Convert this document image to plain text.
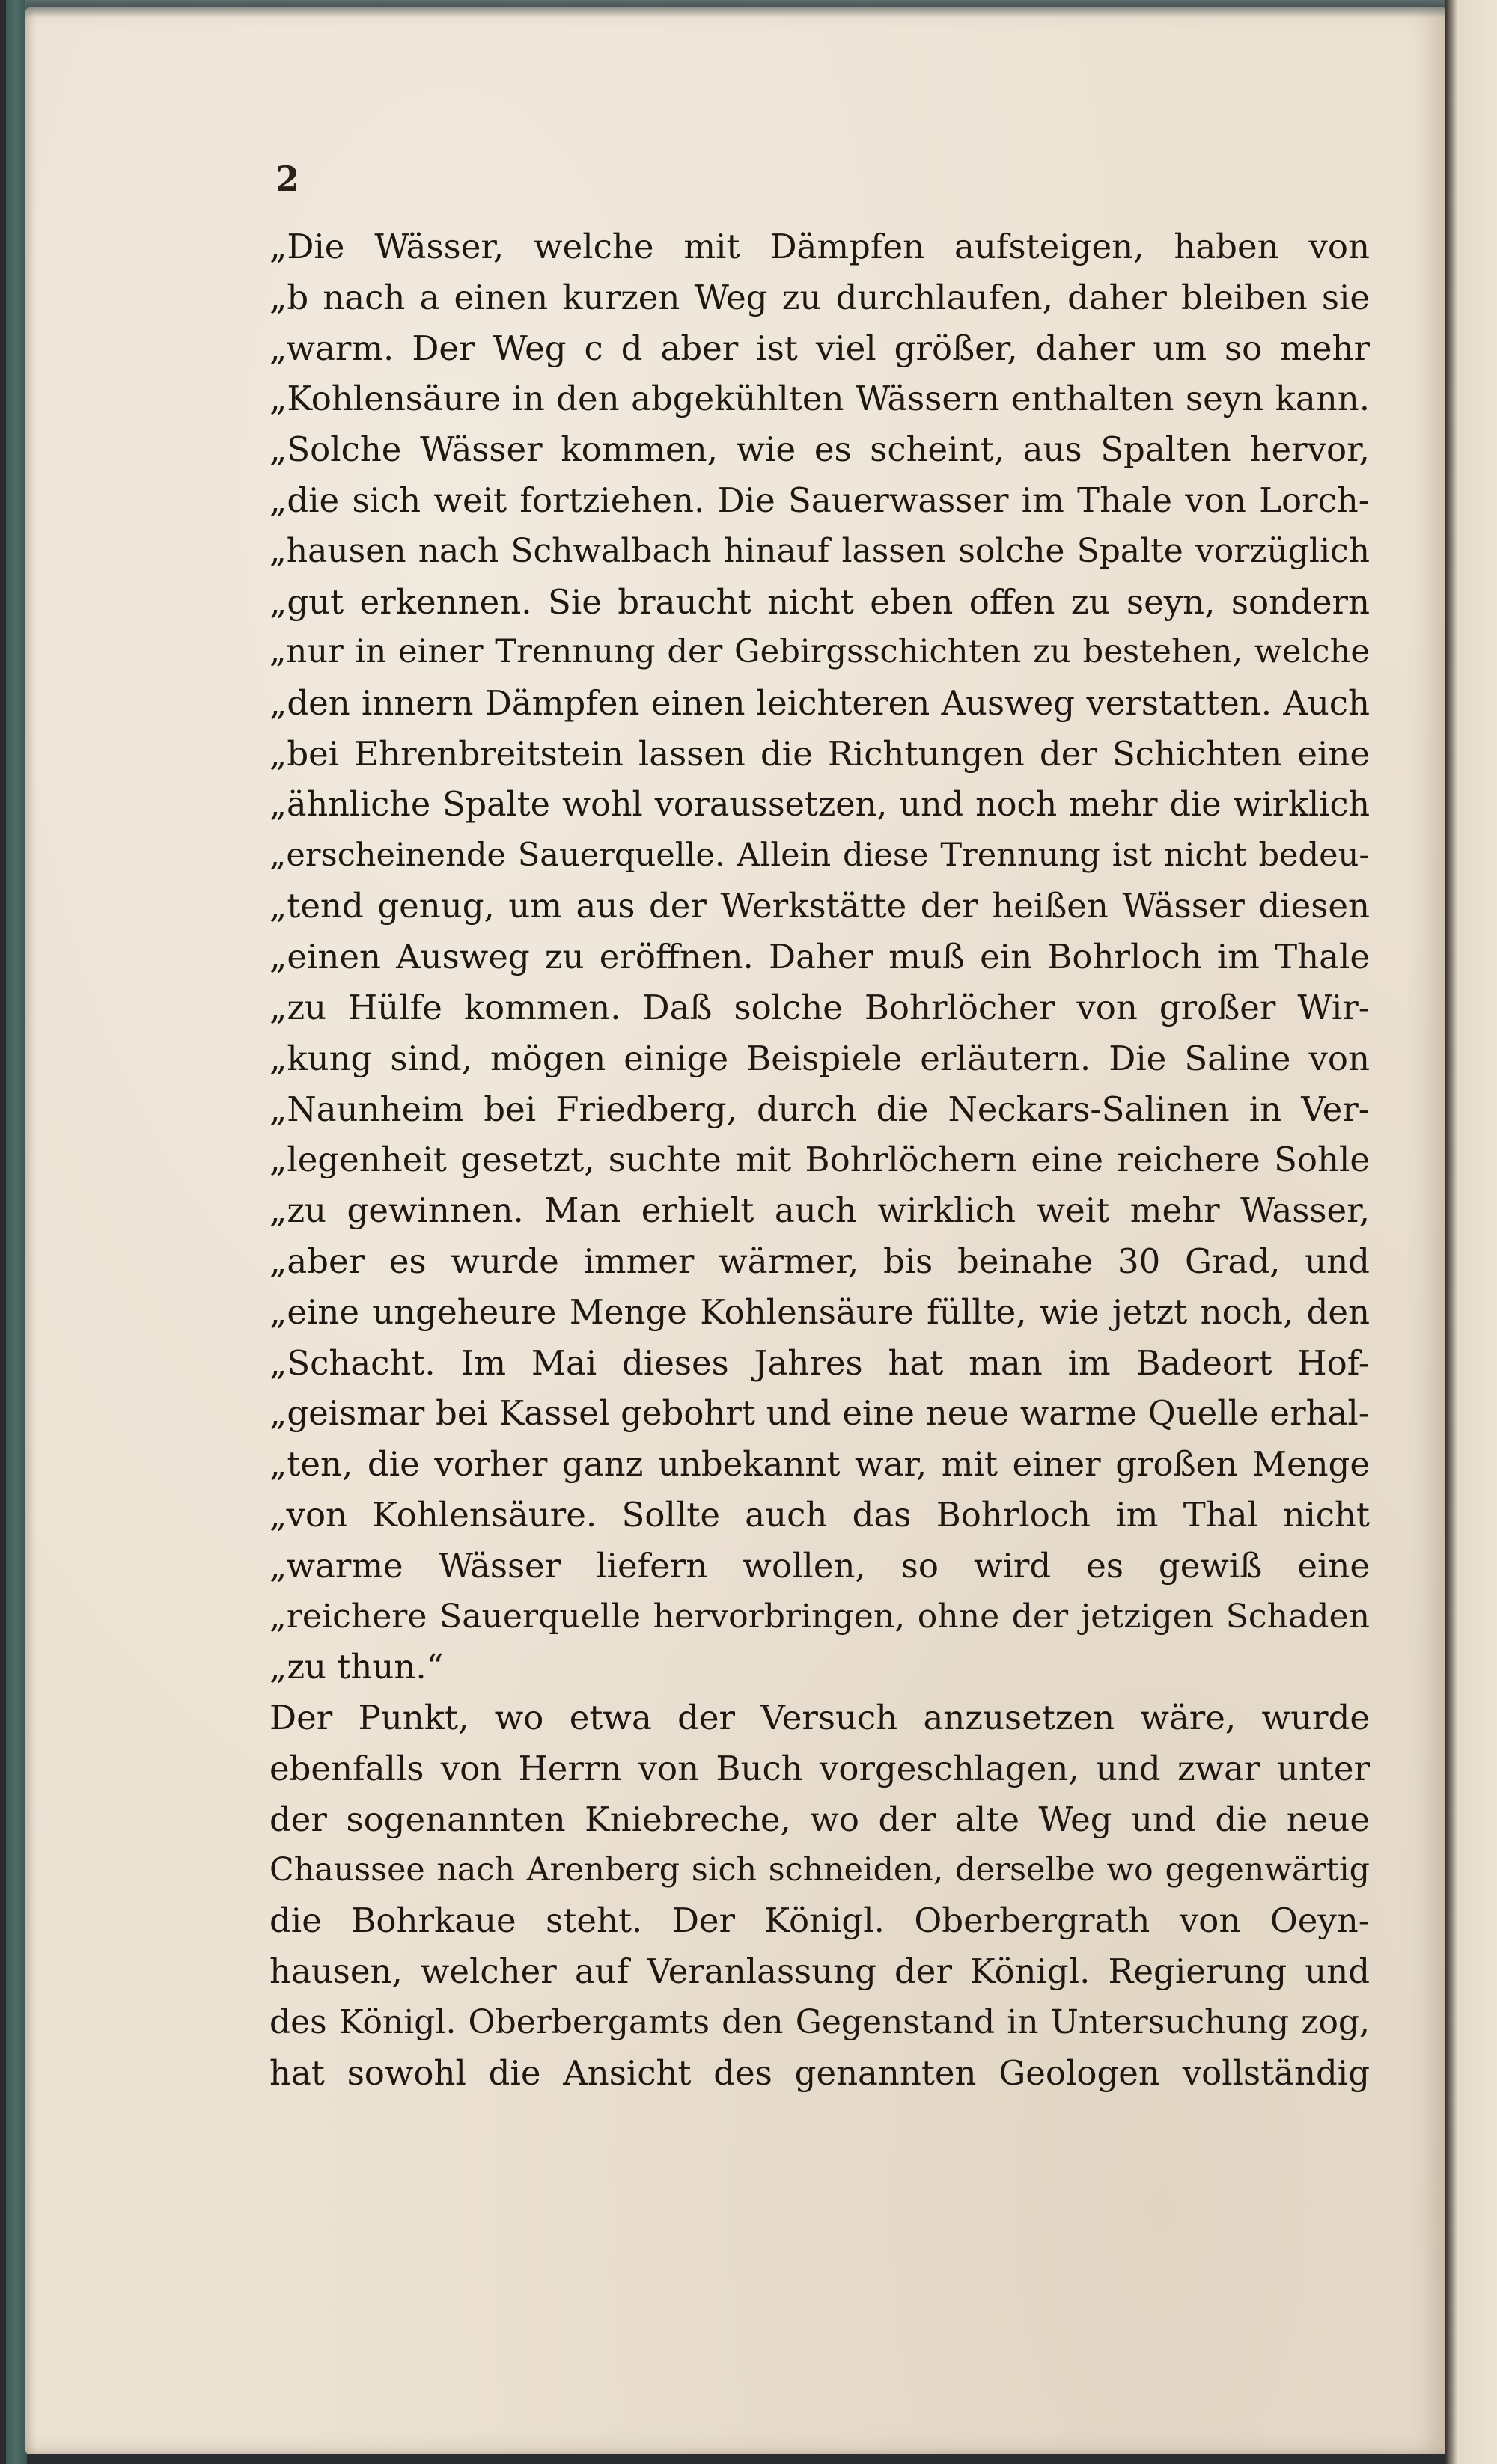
2
„Die Wässer, welche mit Dämpfen aufsteigen, haben von
„b nach a einen kurzen Weg zu durchlaufen, daher bleiben sie
„warm. Der Weg c d aber ist viel größer, daher um so mehr
„Kohlensäure in den abgekühlten Wässern enthalten seyn kann.
„Solche Wässer kommen, wie es scheint, aus Spalten hervor,
„die sich weit fortziehen. Die Sauerwasser im Thale von Lorch-
„hausen nach Schwalbach hinauf lassen solche Spalte vorzüglich
„gut erkennen. Sie braucht nicht eben offen zu seyn, sondern
„nur in einer Trennung der Gebirgsschichten zu bestehen, welche
„den innern Dämpfen einen leichteren Ausweg verstatten. Auch
„bei Ehrenbreitstein lassen die Richtungen der Schichten eine
„ähnliche Spalte wohl voraussetzen, und noch mehr die wirklich
„erscheinende Sauerquelle. Allein diese Trennung ist nicht bedeu-
„tend genug, um aus der Werkstätte der heißen Wässer diesen
„einen Ausweg zu eröffnen. Daher muß ein Bohrloch im Thale
„zu Hülfe kommen. Daß solche Bohrlöcher von großer Wir-
„kung sind, mögen einige Beispiele erläutern. Die Saline von
„Naunheim bei Friedberg, durch die Neckars-Salinen in Ver-
„legenheit gesetzt, suchte mit Bohrlöchern eine reichere Sohle
„zu gewinnen. Man erhielt auch wirklich weit mehr Wasser,
„aber es wurde immer wärmer, bis beinahe 30 Grad, und
„eine ungeheure Menge Kohlensäure füllte, wie jetzt noch, den
„Schacht. Im Mai dieses Jahres hat man im Badeort Hof-
„geismar bei Kassel gebohrt und eine neue warme Quelle erhal-
„ten, die vorher ganz unbekannt war, mit einer großen Menge
„von Kohlensäure. Sollte auch das Bohrloch im Thal nicht
„warme Wässer liefern wollen, so wird es gewiß eine
„reichere Sauerquelle hervorbringen, ohne der jetzigen Schaden
„zu thun.“
Der Punkt, wo etwa der Versuch anzusetzen wäre, wurde
ebenfalls von Herrn von Buch vorgeschlagen, und zwar unter
der sogenannten Kniebreche, wo der alte Weg und die neue
Chaussee nach Arenberg sich schneiden, derselbe wo gegenwärtig
die Bohrkaue steht. Der Königl. Oberbergrath von Oeyn-
hausen, welcher auf Veranlassung der Königl. Regierung und
des Königl. Oberbergamts den Gegenstand in Untersuchung zog,
hat sowohl die Ansicht des genannten Geologen vollständig
